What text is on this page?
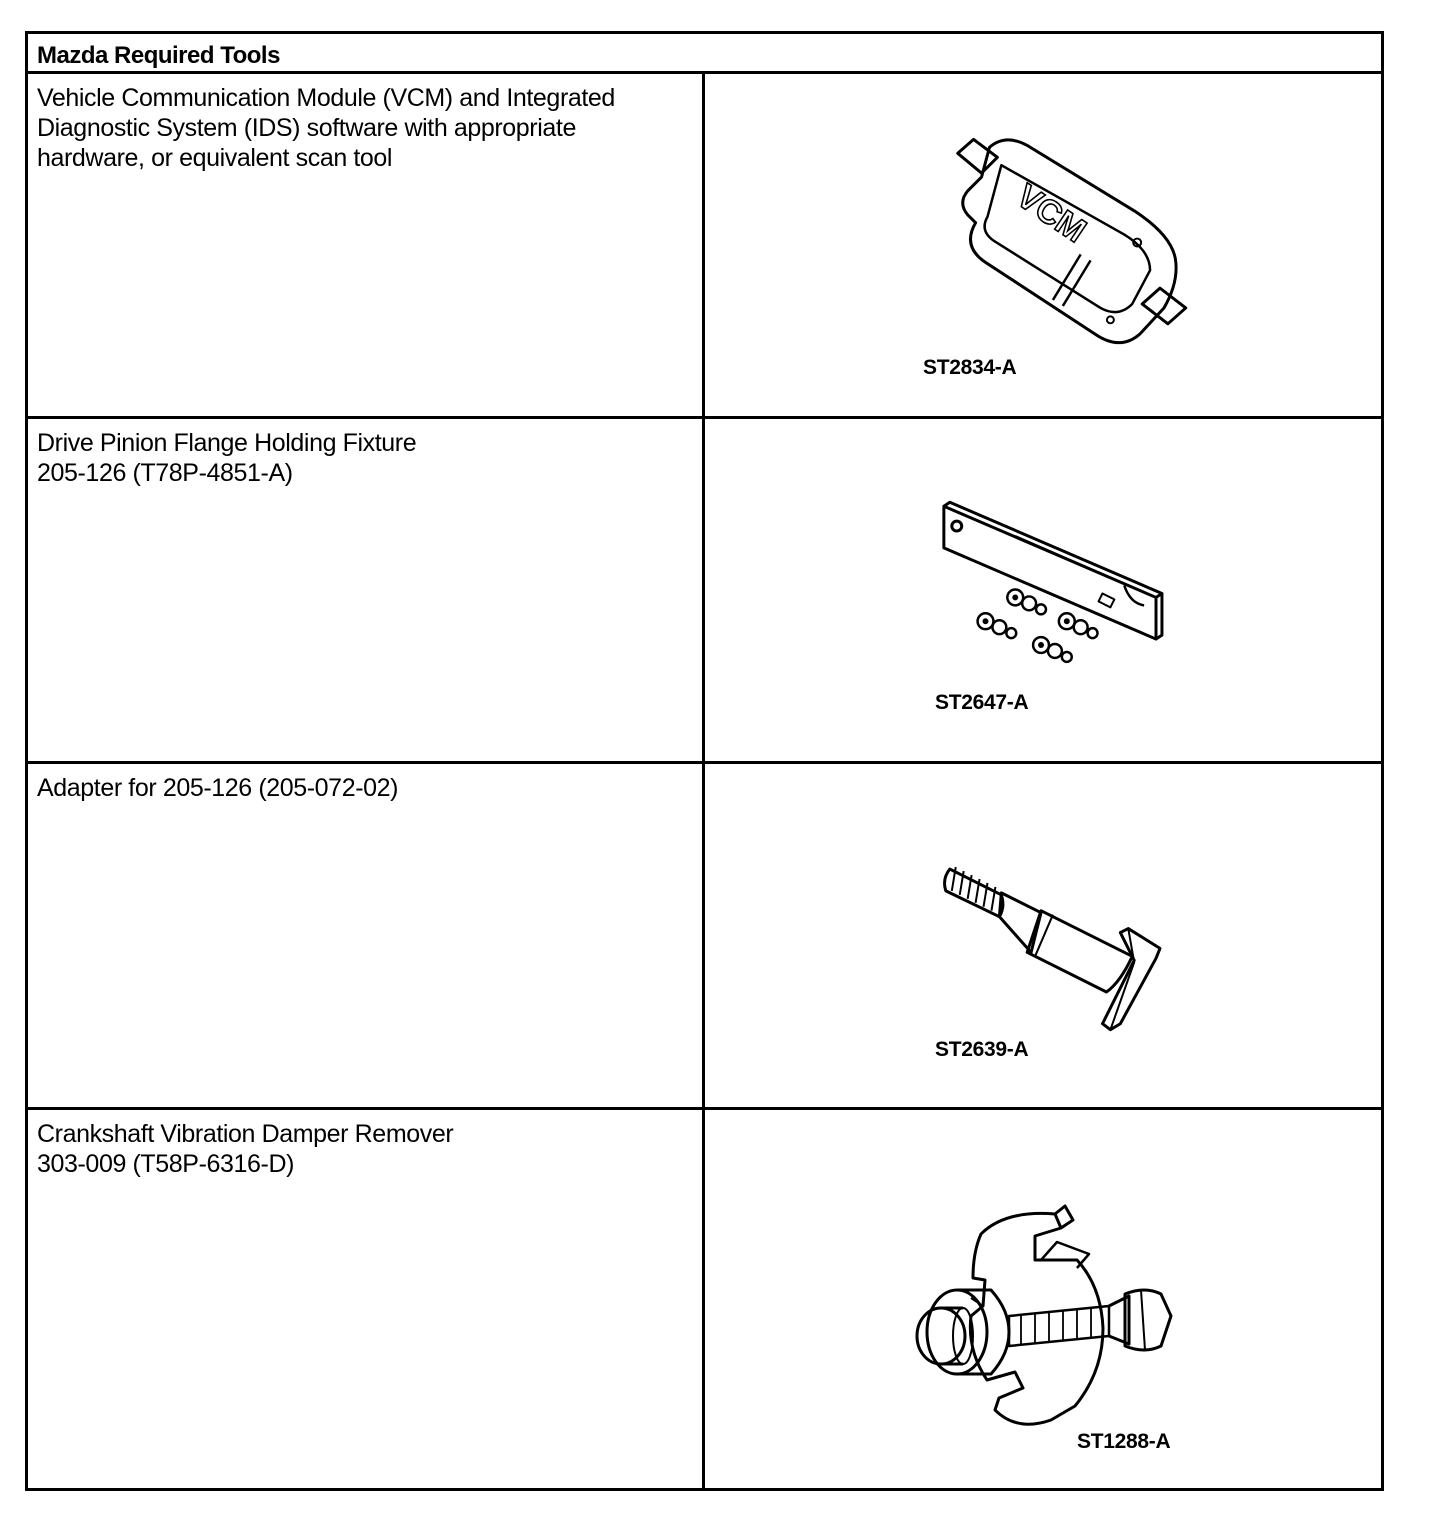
Mazda Required Tools
Vehicle Communication Module (VCM) and Integrated
Diagnostic System (IDS) software with appropriate
hardware, or equivalent scan tool
VCM
ST2834-A
Drive Pinion Flange Holding Fixture
205-126 (T78P-4851-A)
ST2647-A
Adapter for 205-126 (205-072-02)
ST2639-A
Crankshaft Vibration Damper Remover
303-009 (T58P-6316-D)
ST1288-A
